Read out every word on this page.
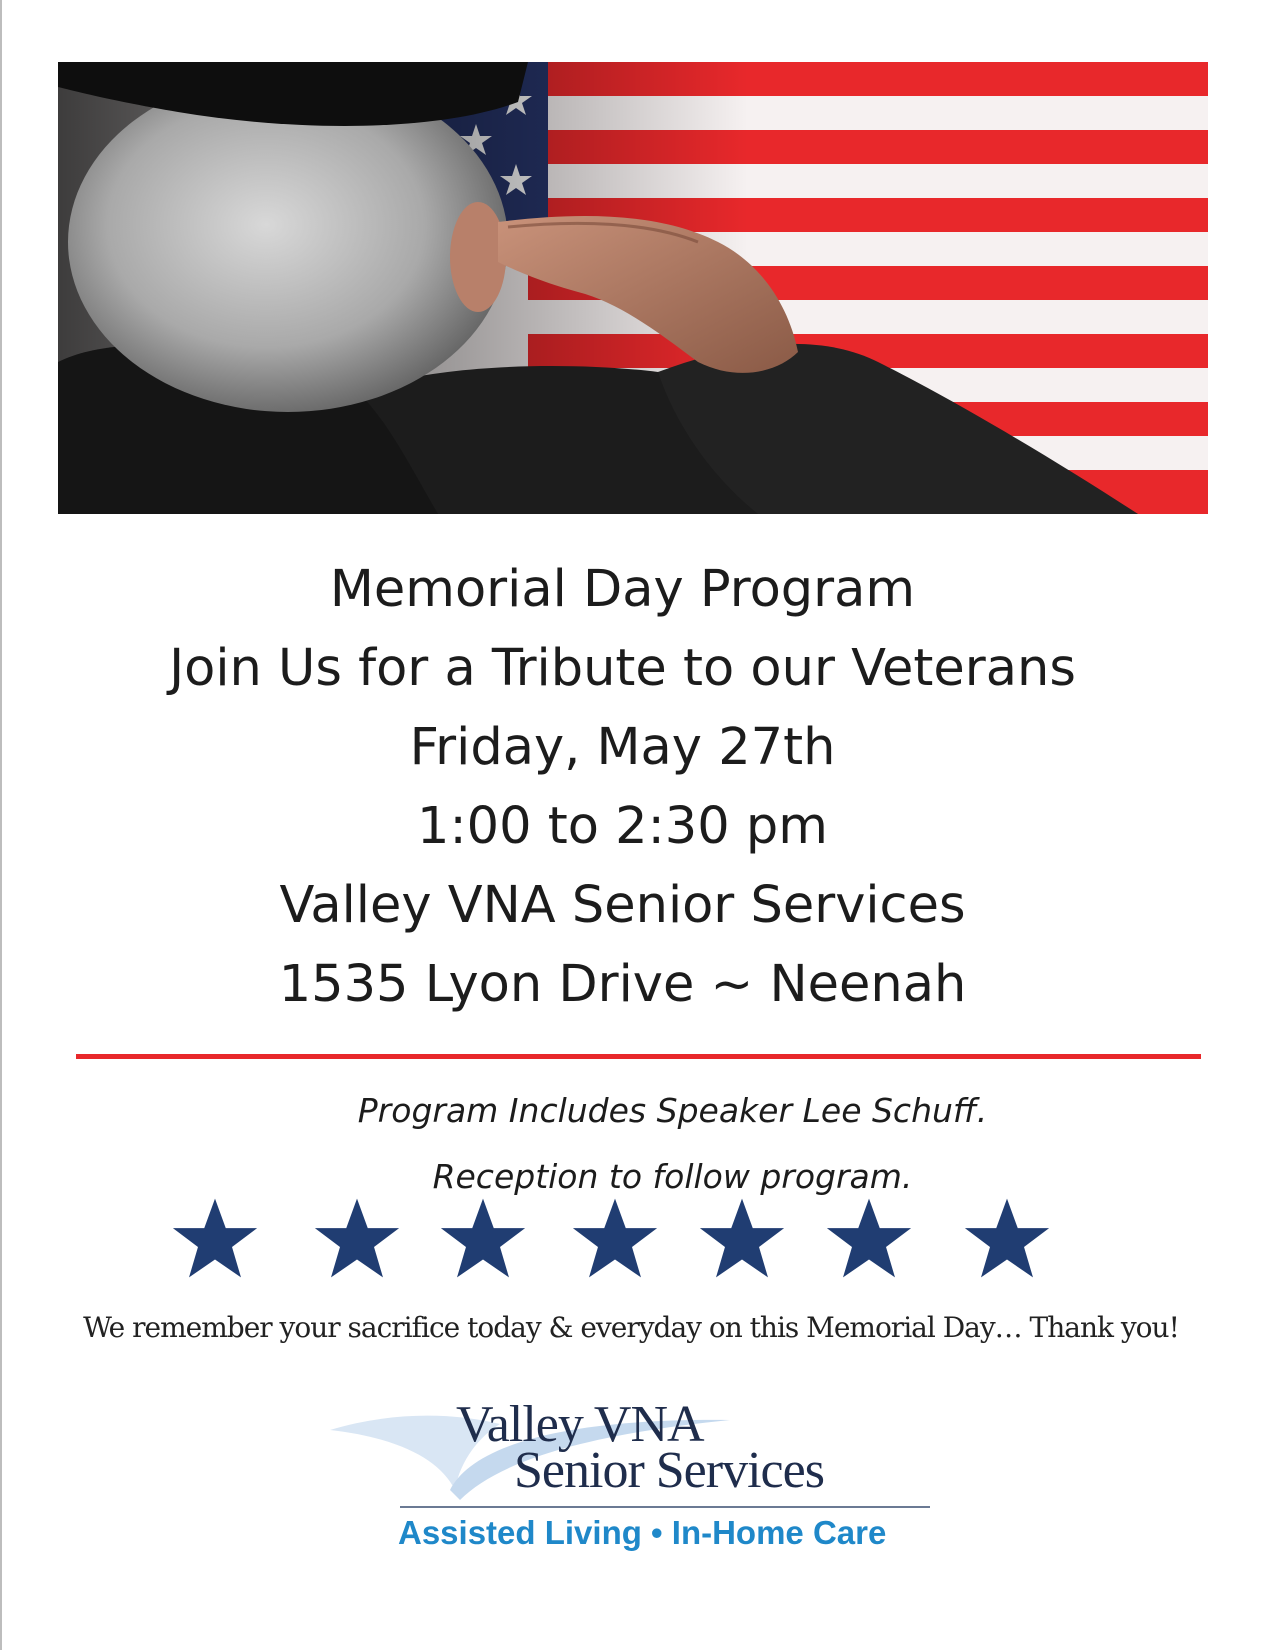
Memorial Day Program
Join Us for a Tribute to our Veterans
Friday, May 27th
1:00 to 2:30 pm
Valley VNA Senior Services
1535 Lyon Drive ~ Neenah
Program Includes Speaker Lee Schuff.
Reception to follow program.
We remember your sacrifice today & everyday on this Memorial Day… Thank you!
Valley VNA
Senior Services
Assisted Living • In-Home Care
